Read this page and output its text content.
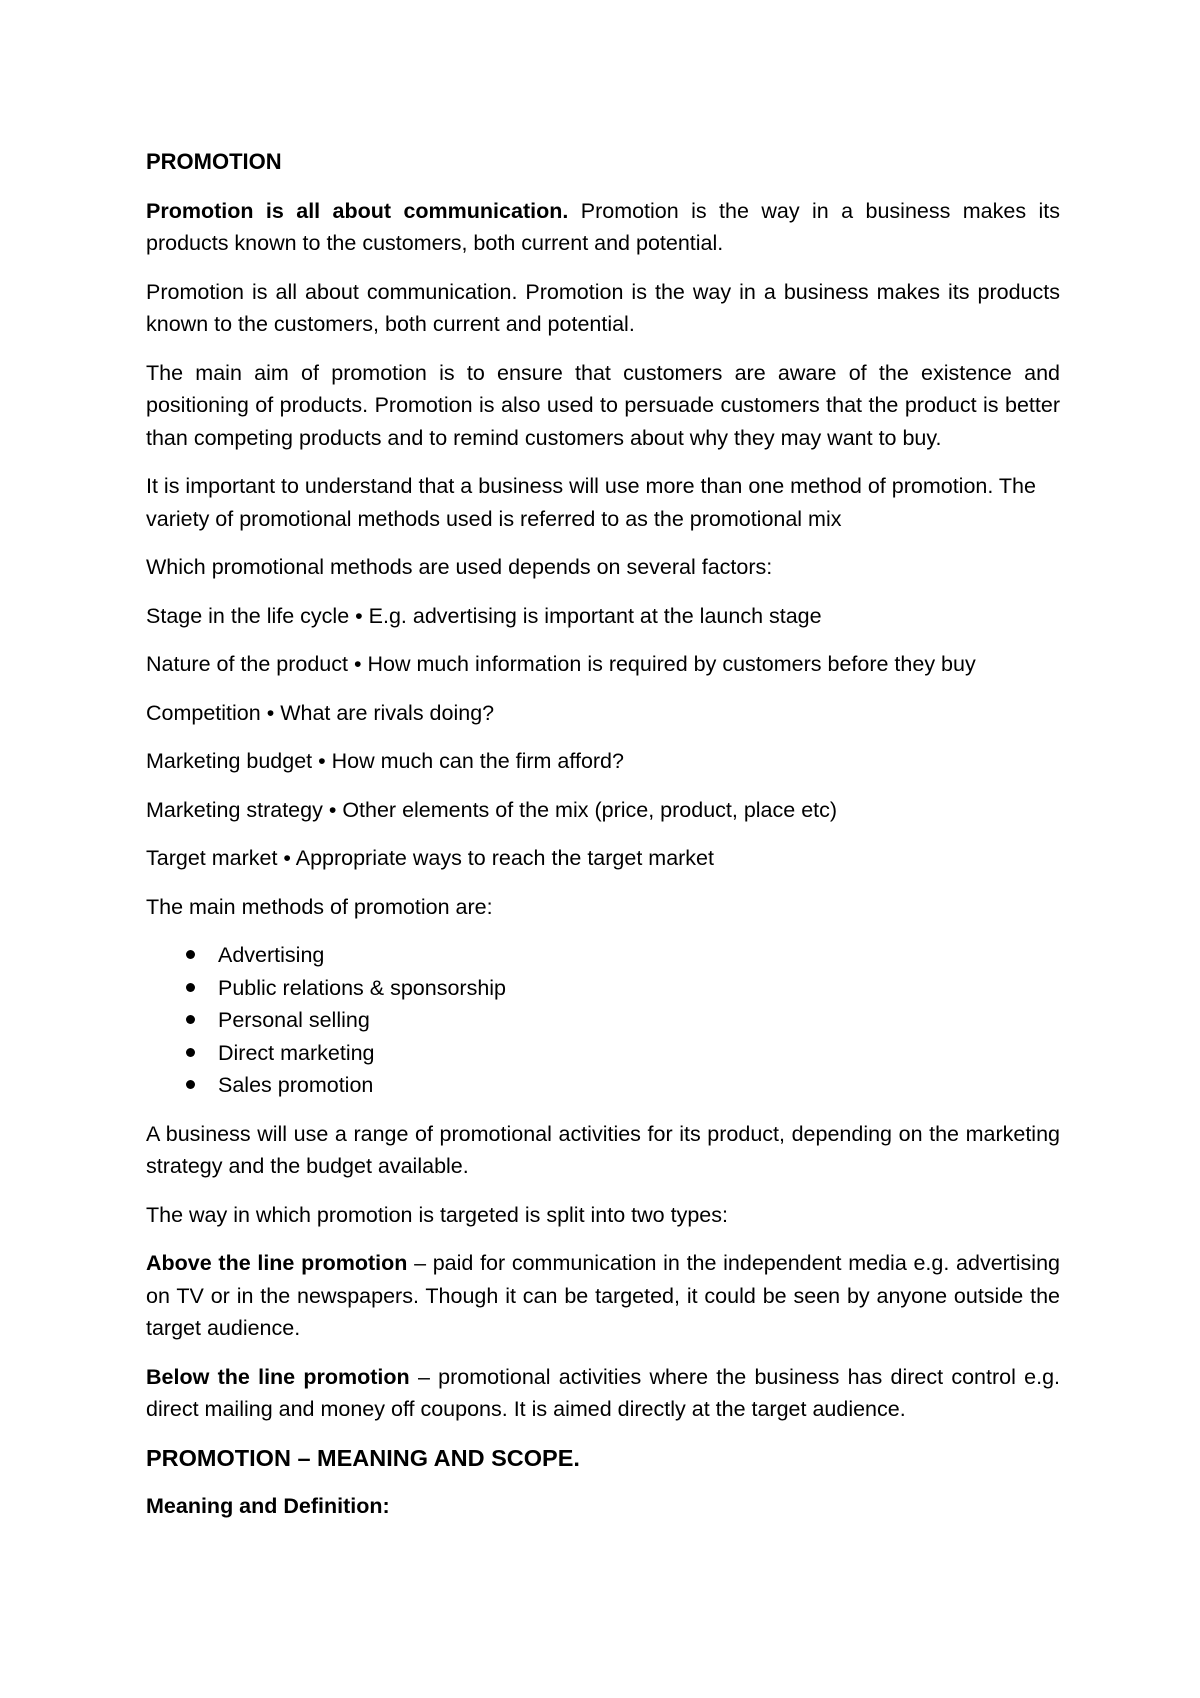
PROMOTION

Promotion is all about communication. Promotion is the way in a business makes its products known to the customers, both current and potential.

Promotion is all about communication. Promotion is the way in a business makes its products known to the customers, both current and potential.

The main aim of promotion is to ensure that customers are aware of the existence and positioning of products. Promotion is also used to persuade customers that the product is better than competing products and to remind customers about why they may want to buy.

It is important to understand that a business will use more than one method of promotion. The variety of promotional methods used is referred to as the promotional mix

Which promotional methods are used depends on several factors:

Stage in the life cycle • E.g. advertising is important at the launch stage

Nature of the product • How much information is required by customers before they buy

Competition • What are rivals doing?

Marketing budget • How much can the firm afford?

Marketing strategy • Other elements of the mix (price, product, place etc)

Target market • Appropriate ways to reach the target market

The main methods of promotion are:

Advertising
Public relations & sponsorship
Personal selling
Direct marketing
Sales promotion

A business will use a range of promotional activities for its product, depending on the marketing strategy and the budget available.

The way in which promotion is targeted is split into two types:

Above the line promotion – paid for communication in the independent media e.g. advertising on TV or in the newspapers. Though it can be targeted, it could be seen by anyone outside the target audience.

Below the line promotion – promotional activities where the business has direct control e.g. direct mailing and money off coupons. It is aimed directly at the target audience.

PROMOTION – MEANING AND SCOPE.

Meaning and Definition:
